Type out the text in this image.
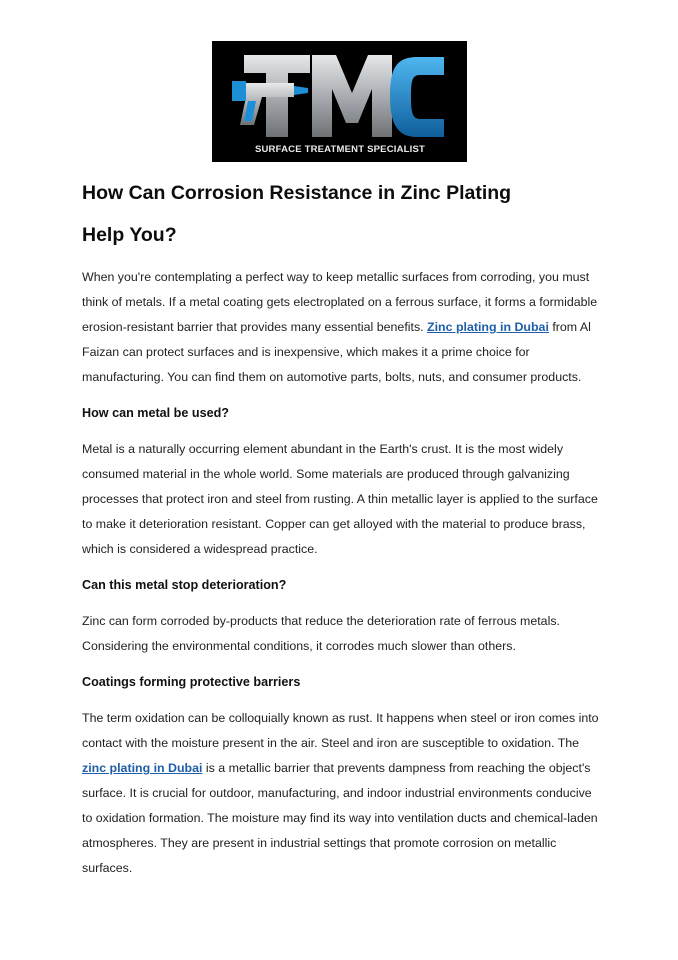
SURFACE TREATMENT SPECIALIST
How Can Corrosion Resistance in Zinc Plating
Help You?

When you're contemplating a perfect way to keep metallic surfaces from corroding, you must think of metals. If a metal coating gets electroplated on a ferrous surface, it forms a formidable erosion-resistant barrier that provides many essential benefits. Zinc plating in Dubai from Al Faizan can protect surfaces and is inexpensive, which makes it a prime choice for manufacturing. You can find them on automotive parts, bolts, nuts, and consumer products.

How can metal be used?

Metal is a naturally occurring element abundant in the Earth's crust. It is the most widely consumed material in the whole world. Some materials are produced through galvanizing processes that protect iron and steel from rusting. A thin metallic layer is applied to the surface to make it deterioration resistant. Copper can get alloyed with the material to produce brass, which is considered a widespread practice.

Can this metal stop deterioration?

Zinc can form corroded by-products that reduce the deterioration rate of ferrous metals. Considering the environmental conditions, it corrodes much slower than others.

Coatings forming protective barriers

The term oxidation can be colloquially known as rust. It happens when steel or iron comes into contact with the moisture present in the air. Steel and iron are susceptible to oxidation. The zinc plating in Dubai is a metallic barrier that prevents dampness from reaching the object's surface. It is crucial for outdoor, manufacturing, and indoor industrial environments conducive to oxidation formation. The moisture may find its way into ventilation ducts and chemical-laden atmospheres. They are present in industrial settings that promote corrosion on metallic surfaces.
